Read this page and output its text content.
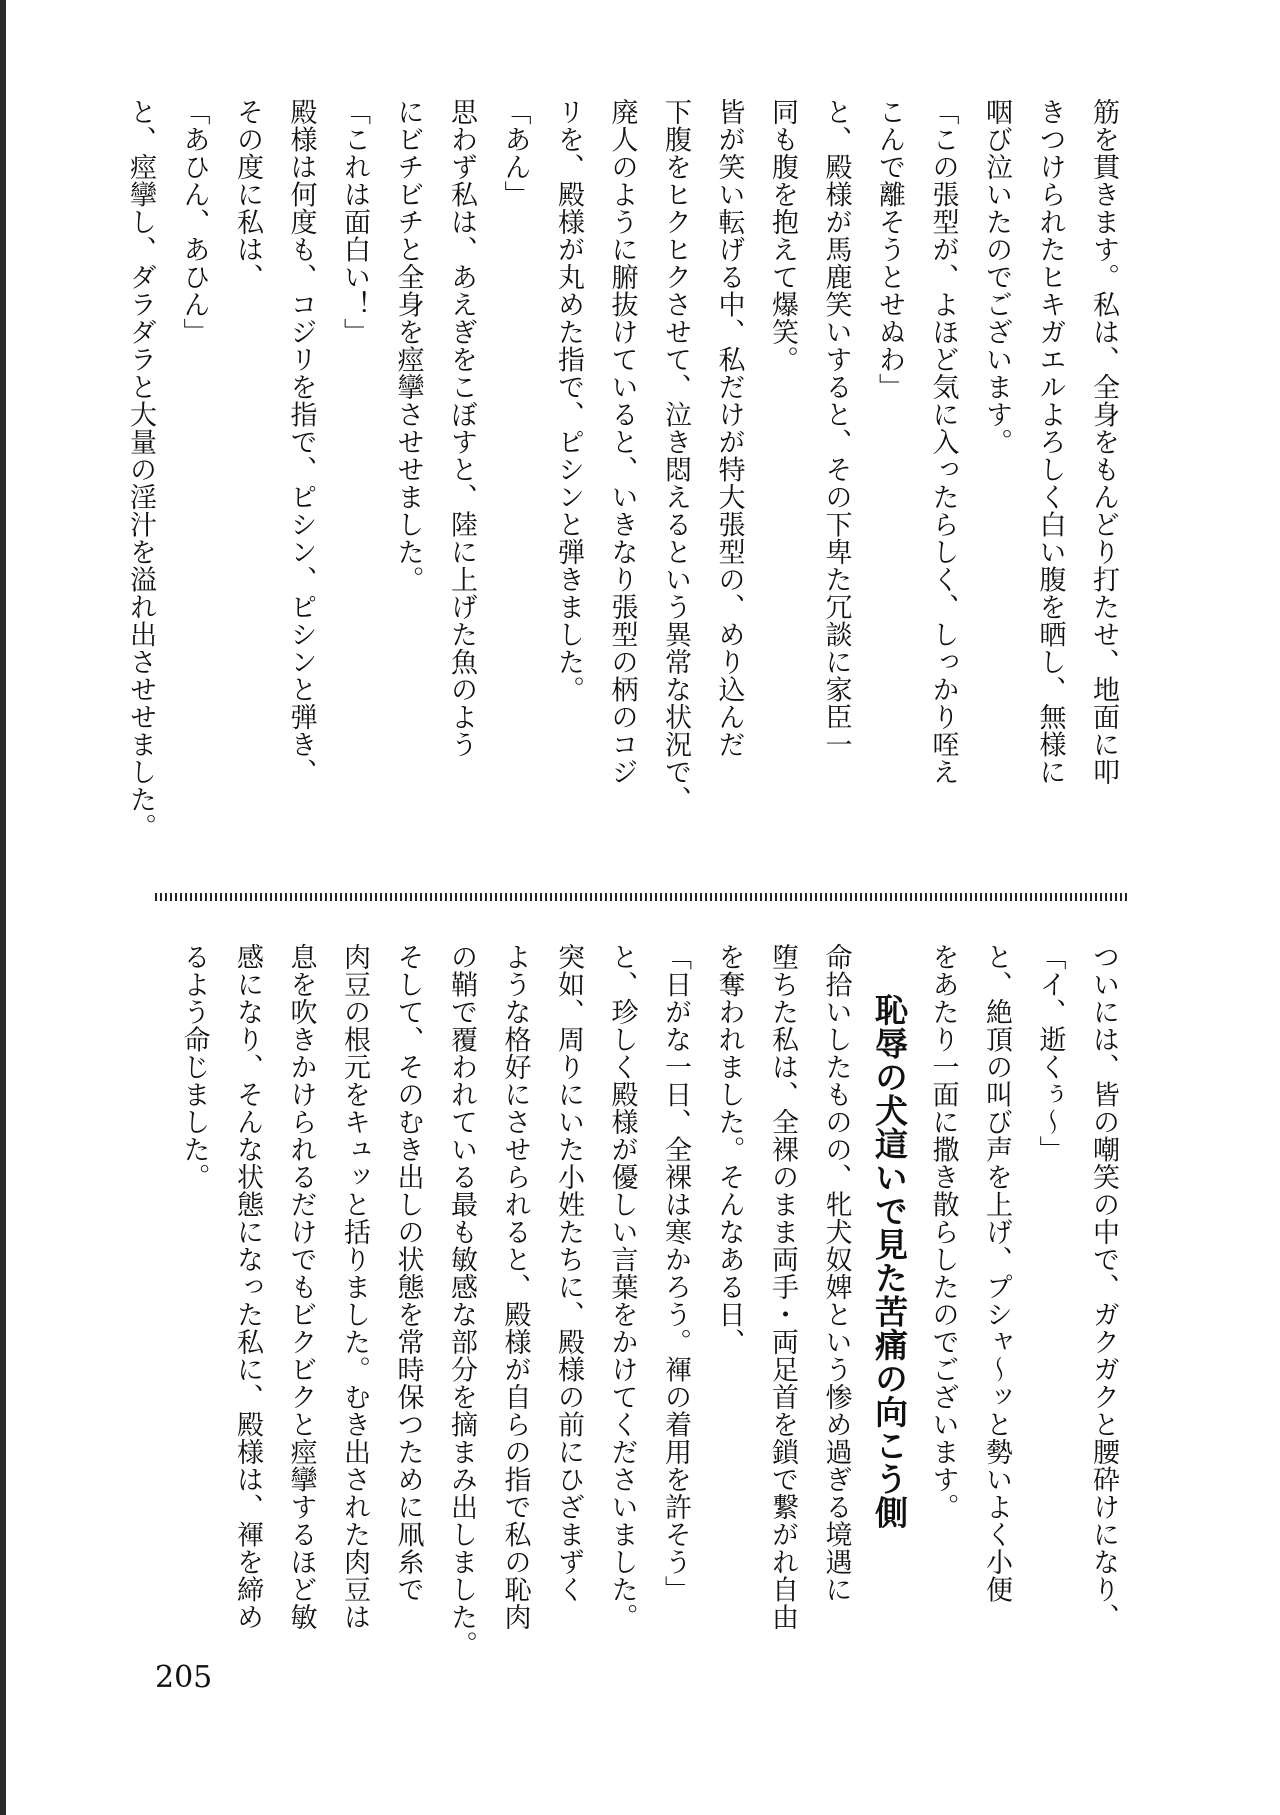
筋を貫きます。私は、全身をもんどり打たせ、地面に叩
きつけられたヒキガエルよろしく白い腹を晒し、無様に
咽び泣いたのでございます。
「この張型が、よほど気に入ったらしく、しっかり咥え
こんで離そうとせぬわ」
と、殿様が馬鹿笑いすると、その下卑た冗談に家臣一
同も腹を抱えて爆笑。
皆が笑い転げる中、私だけが特大張型の、めり込んだ
下腹をヒクヒクさせて、泣き悶えるという異常な状況で、
廃人のように腑抜けていると、いきなり張型の柄のコジ
リを、殿様が丸めた指で、ピシンと弾きました。
「あん」
思わず私は、あえぎをこぼすと、陸に上げた魚のよう
にビチビチと全身を痙攣させせました。
「これは面白い！」
殿様は何度も、コジリを指で、ピシン、ピシンと弾き、
その度に私は、
「あひん、あひん」
と、痙攣し、ダラダラと大量の淫汁を溢れ出させせました。
ついには、皆の嘲笑の中で、ガクガクと腰砕けになり、
「イ、逝くぅ〜」
と、絶頂の叫び声を上げ、プシャ〜ッと勢いよく小便
をあたり一面に撒き散らしたのでございます。
恥辱の犬這いで見た苦痛の向こう側
命拾いしたものの、牝犬奴婢という惨め過ぎる境遇に
堕ちた私は、全裸のまま両手・両足首を鎖で繋がれ自由
を奪われました。そんなある日、
「日がな一日、全裸は寒かろう。褌の着用を許そう」
と、珍しく殿様が優しい言葉をかけてくださいました。
突如、周りにいた小姓たちに、殿様の前にひざまずく
ような格好にさせられると、殿様が自らの指で私の恥肉
の鞘で覆われている最も敏感な部分を摘まみ出しました。
そして、そのむき出しの状態を常時保つために凧糸で
肉豆の根元をキュッと括りました。むき出された肉豆は
息を吹きかけられるだけでもビクビクと痙攣するほど敏
感になり、そんな状態になった私に、殿様は、褌を締め
るよう命じました。
205
